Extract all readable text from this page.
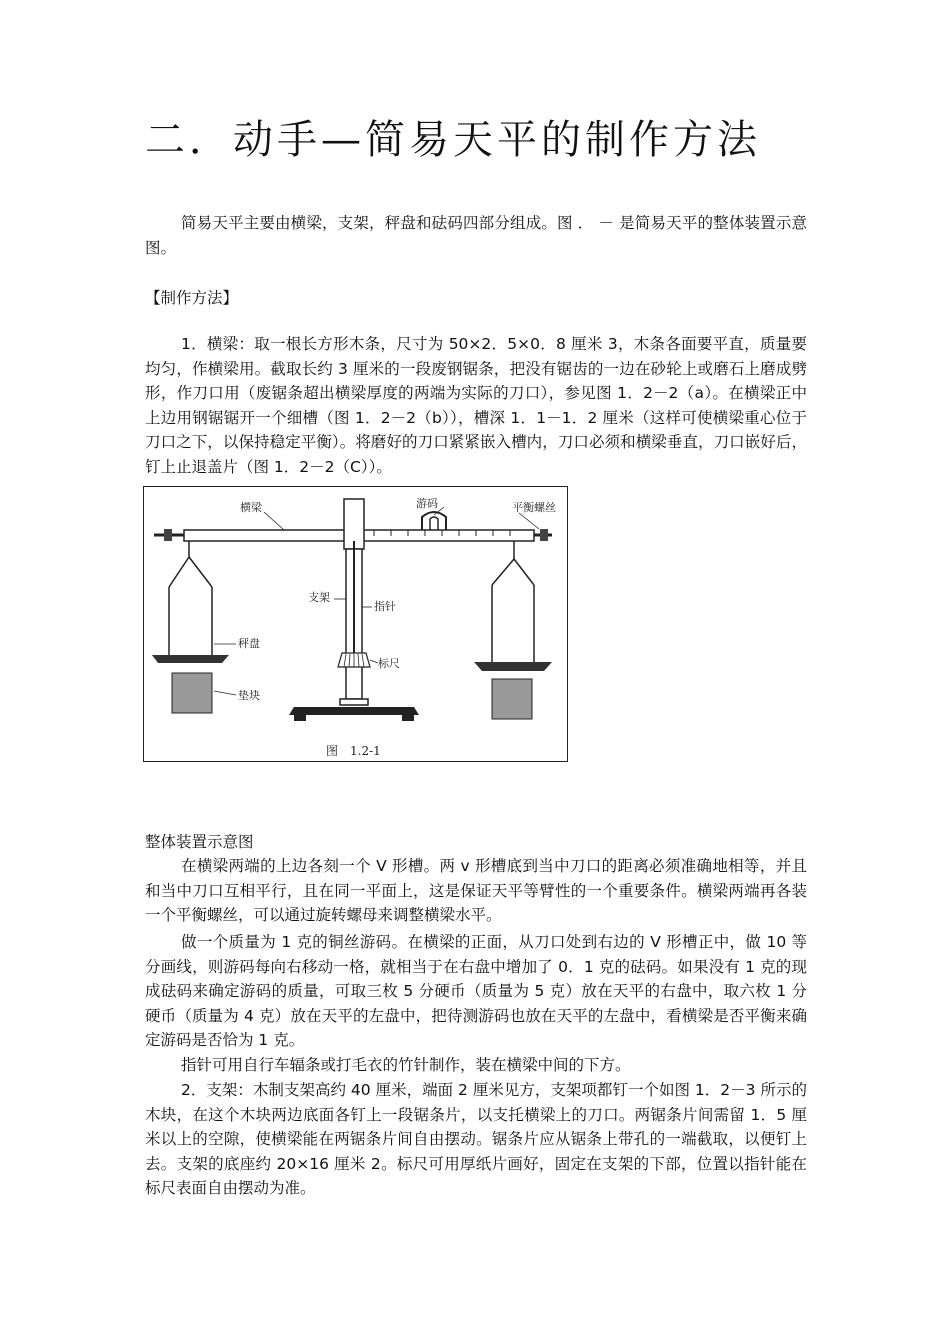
二．动手—简易天平的制作方法

简易天平主要由横梁，支架，秤盘和砝码四部分组成。图 ． － 是简易天平的整体装置示意图。

【制作方法】

1．横梁：取一根长方形木条，尺寸为 50×2．5×0．8 厘米 3，木条各面要平直，质量要均匀，作横梁用。截取长约 3 厘米的一段废钢锯条，把没有锯齿的一边在砂轮上或磨石上磨成劈形，作刀口用（废锯条超出横梁厚度的两端为实际的刀口），参见图 1．2－2（a）。在横梁正中上边用钢锯锯开一个细槽（图 1．2－2（b）），槽深 1．1－1．2 厘米（这样可使横梁重心位于刀口之下，以保持稳定平衡）。将磨好的刀口紧紧嵌入槽内，刀口必须和横梁垂直，刀口嵌好后，钉上止退盖片（图 1．2－2（C））。

横梁	游码	平衡螺丝
支架
指针
秤盘
标尺
垫块
图　1.2-1
整体装置示意图

在横梁两端的上边各刻一个 V 形槽。两 v 形槽底到当中刀口的距离必须准确地相等，并且和当中刀口互相平行，且在同一平面上，这是保证天平等臂性的一个重要条件。横梁两端再各装一个平衡螺丝，可以通过旋转螺母来调整横梁水平。

做一个质量为 1 克的铜丝游码。在横梁的正面，从刀口处到右边的 V 形槽正中，做 10 等分画线，则游码每向右移动一格，就相当于在右盘中增加了 0．1 克的砝码。如果没有 1 克的现成砝码来确定游码的质量，可取三枚 5 分硬币（质量为 5 克）放在天平的右盘中，取六枚 1 分硬币（质量为 4 克）放在天平的左盘中，把待测游码也放在天平的左盘中，看横梁是否平衡来确定游码是否恰为 1 克。

指针可用自行车辐条或打毛衣的竹针制作，装在横梁中间的下方。

2．支架：木制支架高约 40 厘米，端面 2 厘米见方，支架项都钉一个如图 1．2－3 所示的木块，在这个木块两边底面各钉上一段锯条片，以支托横梁上的刀口。两锯条片间需留 1．5 厘米以上的空隙，使横梁能在两锯条片间自由摆动。锯条片应从锯条上带孔的一端截取，以便钉上去。支架的底座约 20×16 厘米 2。标尺可用厚纸片画好，固定在支架的下部，位置以指针能在标尺表面自由摆动为准。
